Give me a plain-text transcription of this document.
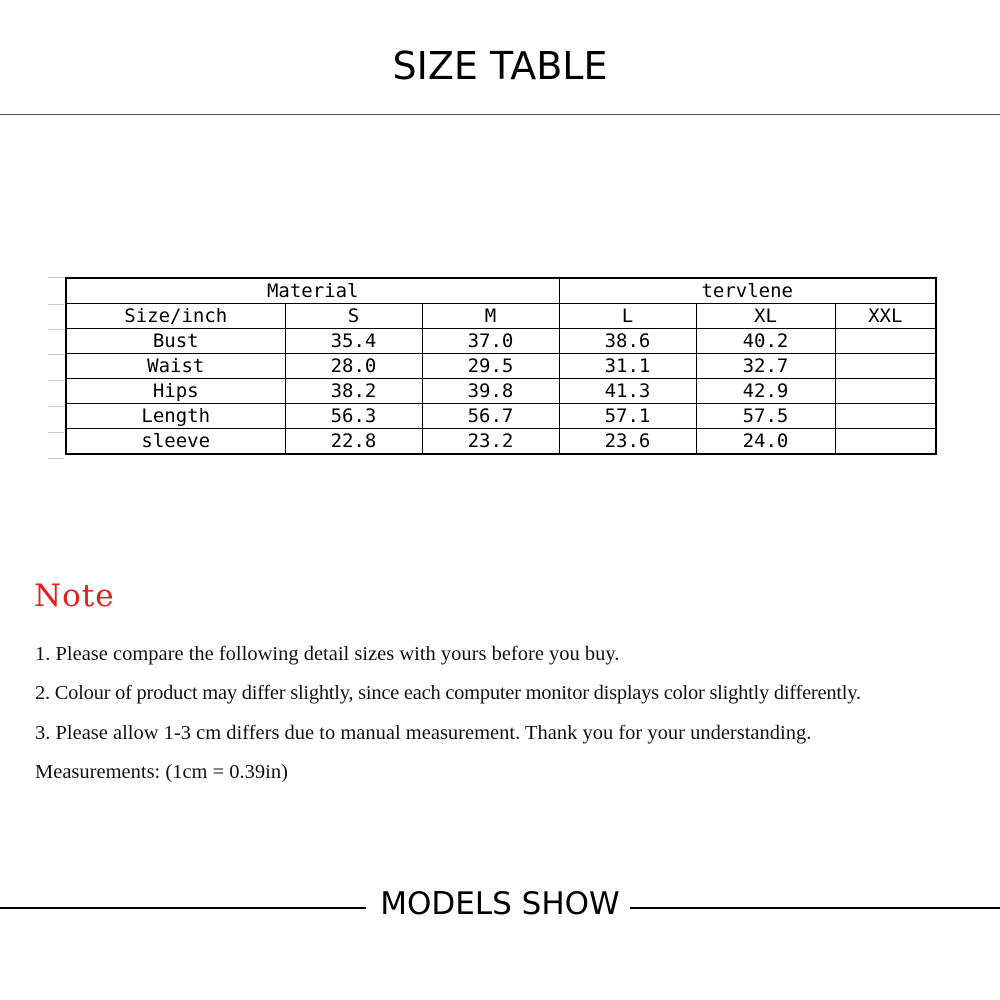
SIZE TABLE
Material			tervlene		
Size/inch	S	M	L	XL	XXL
Bust	35.4	37.0	38.6	40.2	
Waist	28.0	29.5	31.1	32.7	
Hips	38.2	39.8	41.3	42.9	
Length	56.3	56.7	57.1	57.5	
sleeve	22.8	23.2	23.6	24.0	
Note
1. Please compare the following detail sizes with yours before you buy.
2. Colour of product may differ slightly, since each computer monitor displays color slightly differently.
3. Please allow 1-3 cm differs due to manual measurement. Thank you for your understanding.
Measurements: (1cm = 0.39in)
MODELS SHOW
